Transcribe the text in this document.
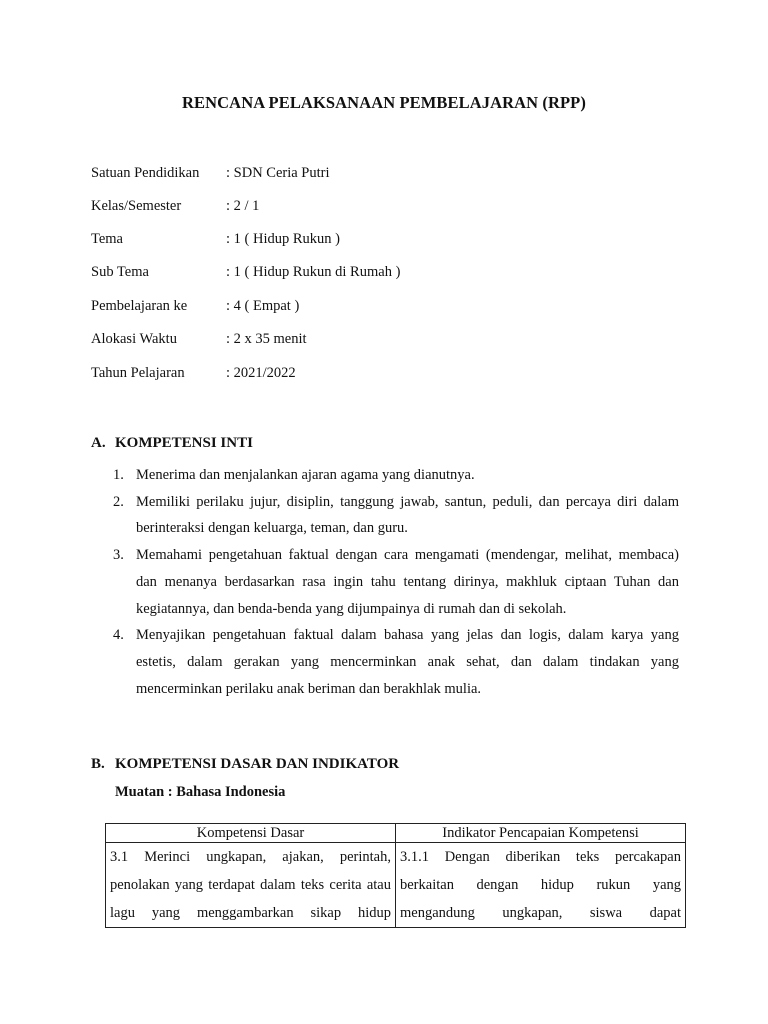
RENCANA PELAKSANAAN PEMBELAJARAN (RPP)
Satuan Pendidikan : SDN Ceria Putri
Kelas/Semester	: 2 / 1
Tema	: 1 ( Hidup Rukun )
Sub Tema	: 1 ( Hidup Rukun di Rumah )
Pembelajaran ke	: 4 ( Empat )
Alokasi Waktu	: 2 x 35 menit
Tahun Pelajaran	: 2021/2022
A. KOMPETENSI INTI
1. Menerima dan menjalankan ajaran agama yang dianutnya.
2. Memiliki perilaku jujur, disiplin, tanggung jawab, santun, peduli, dan percaya diri dalam berinteraksi dengan keluarga, teman, dan guru.
3. Memahami pengetahuan faktual dengan cara mengamati (mendengar, melihat, membaca) dan menanya berdasarkan rasa ingin tahu tentang dirinya, makhluk ciptaan Tuhan dan kegiatannya, dan benda-benda yang dijumpainya di rumah dan di sekolah.
4. Menyajikan pengetahuan faktual dalam bahasa yang jelas dan logis, dalam karya yang estetis, dalam gerakan yang mencerminkan anak sehat, dan dalam tindakan yang mencerminkan perilaku anak beriman dan berakhlak mulia.
B. KOMPETENSI DASAR DAN INDIKATOR
Muatan : Bahasa Indonesia
Kompetensi Dasar	Indikator Pencapaian Kompetensi
3.1 Merinci ungkapan, ajakan, perintah, penolakan yang terdapat dalam teks cerita atau lagu yang menggambarkan sikap hidup	3.1.1 Dengan diberikan teks percakapan berkaitan dengan hidup rukun yang mengandung ungkapan, siswa dapat
